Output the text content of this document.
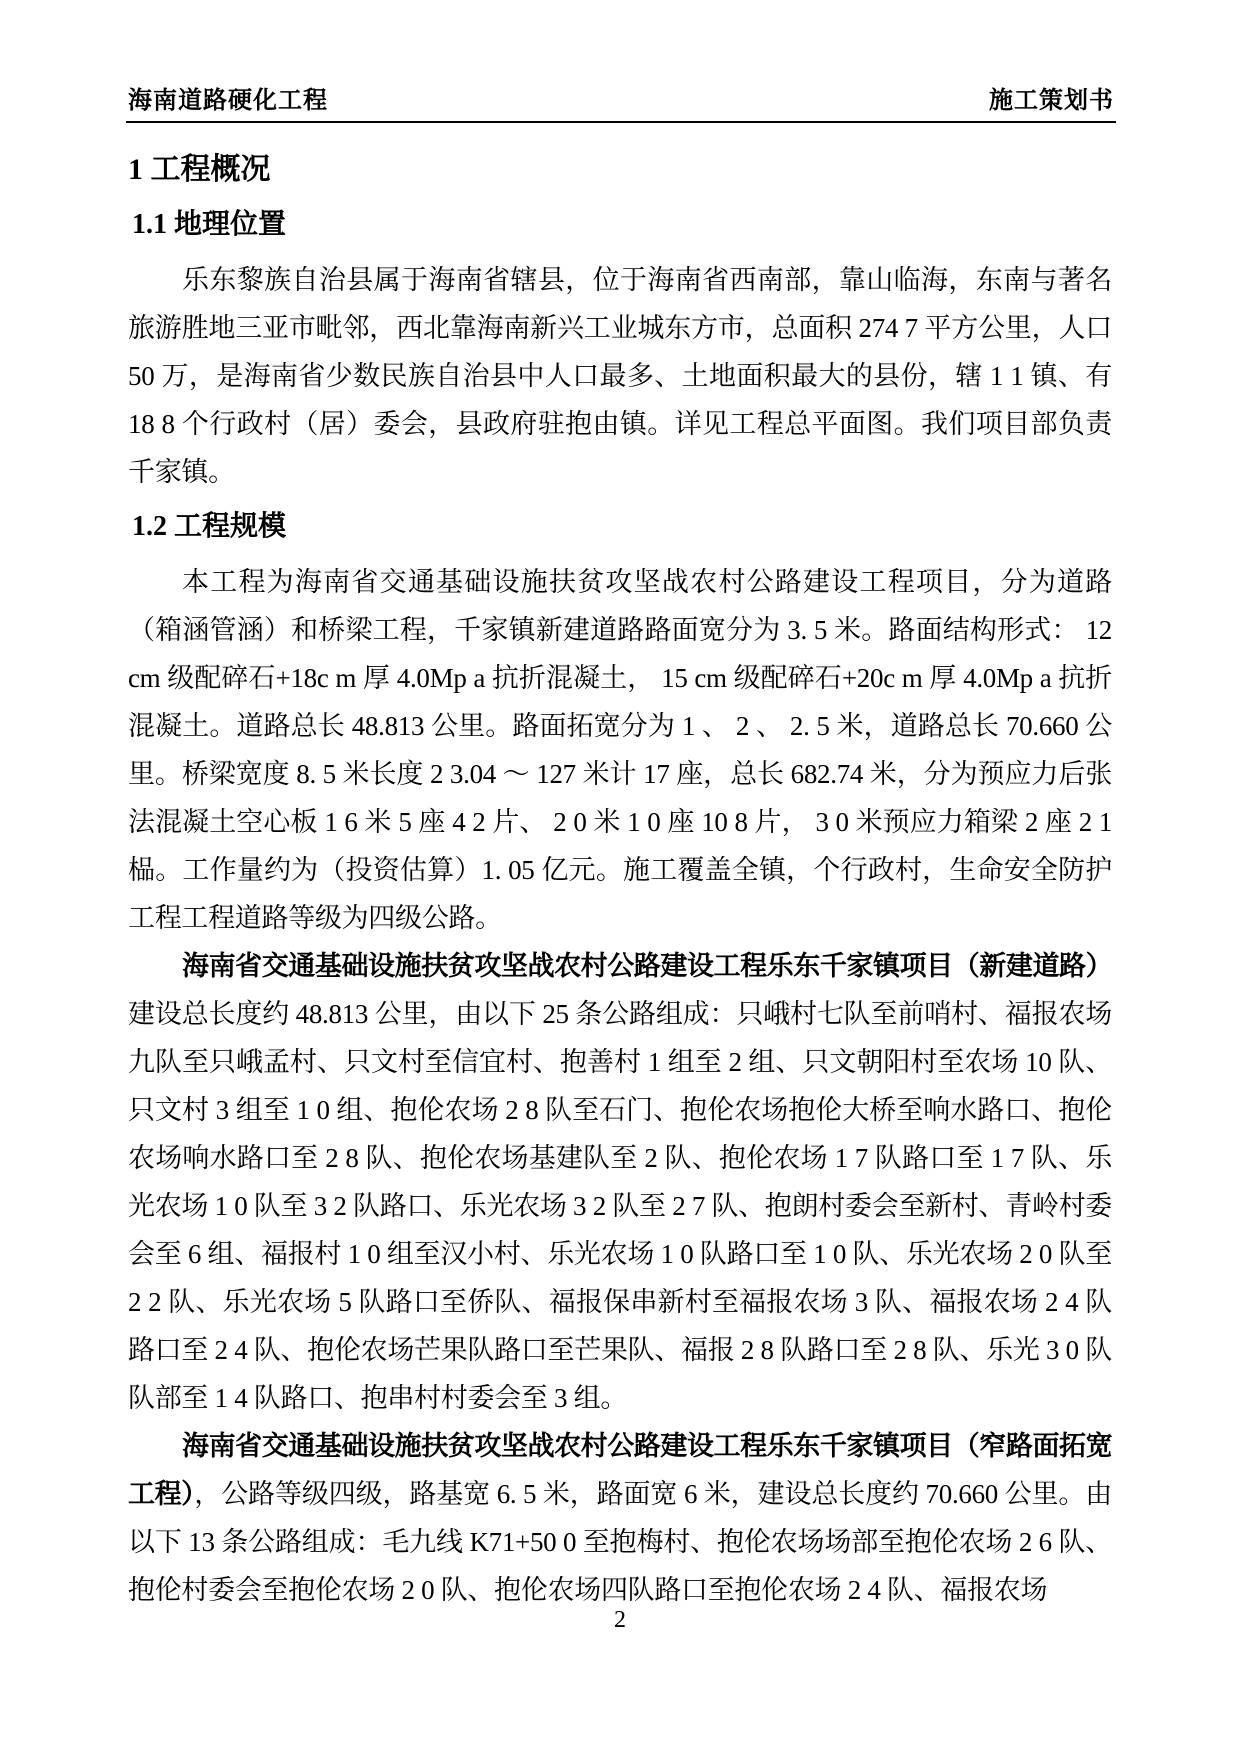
海南道路硬化工程	施工策划书
1 工程概况
1.1 地理位置

乐东黎族自治县属于海南省辖县，位于海南省西南部，靠山临海，东南与著名旅游胜地三亚市毗邻，西北靠海南新兴工业城东方市，总面积 274 7 平方公里，人口 50 万，是海南省少数民族自治县中人口最多、土地面积最大的县份，辖 1 1 镇、有 18 8 个行政村（居）委会，县政府驻抱由镇。详见工程总平面图。我们项目部负责千家镇。

1.2 工程规模

本工程为海南省交通基础设施扶贫攻坚战农村公路建设工程项目，分为道路（箱涵管涵）和桥梁工程，千家镇新建道路路面宽分为 3. 5 米。路面结构形式： 12 cm 级配碎石+18c m 厚 4.0Mp a 抗折混凝土， 15 cm 级配碎石+20c m 厚 4.0Mp a 抗折混凝土。道路总长 48.813 公里。路面拓宽分为 1 、 2 、 2. 5 米，道路总长 70.660 公里。桥梁宽度 8. 5 米长度 2 3.04 ～ 127 米计 17 座，总长 682.74 米，分为预应力后张法混凝土空心板 1 6 米 5 座 4 2 片、 2 0 米 1 0 座 10 8 片， 3 0 米预应力箱梁 2 座 2 1 榀。工作量约为（投资估算）1. 05 亿元。施工覆盖全镇，个行政村，生命安全防护工程工程道路等级为四级公路。

海南省交通基础设施扶贫攻坚战农村公路建设工程乐东千家镇项目（新建道路）建设总长度约 48.813 公里，由以下 25 条公路组成：只峨村七队至前哨村、福报农场九队至只峨孟村、只文村至信宜村、抱善村 1 组至 2 组、只文朝阳村至农场 10 队、只文村 3 组至 1 0 组、抱伦农场 2 8 队至石门、抱伦农场抱伦大桥至响水路口、抱伦农场响水路口至 2 8 队、抱伦农场基建队至 2 队、抱伦农场 1 7 队路口至 1 7 队、乐光农场 1 0 队至 3 2 队路口、乐光农场 3 2 队至 2 7 队、抱朗村委会至新村、青岭村委会至 6 组、福报村 1 0 组至汉小村、乐光农场 1 0 队路口至 1 0 队、乐光农场 2 0 队至 2 2 队、乐光农场 5 队路口至侨队、福报保串新村至福报农场 3 队、福报农场 2 4 队路口至 2 4 队、抱伦农场芒果队路口至芒果队、福报 2 8 队路口至 2 8 队、乐光 3 0 队队部至 1 4 队路口、抱串村村委会至 3 组。

海南省交通基础设施扶贫攻坚战农村公路建设工程乐东千家镇项目（窄路面拓宽工程），公路等级四级，路基宽 6. 5 米，路面宽 6 米，建设总长度约 70.660 公里。由以下 13 条公路组成：毛九线 K71+50 0 至抱梅村、抱伦农场场部至抱伦农场 2 6 队、抱伦村委会至抱伦农场 2 0 队、抱伦农场四队路口至抱伦农场 2 4 队、福报农场

2
